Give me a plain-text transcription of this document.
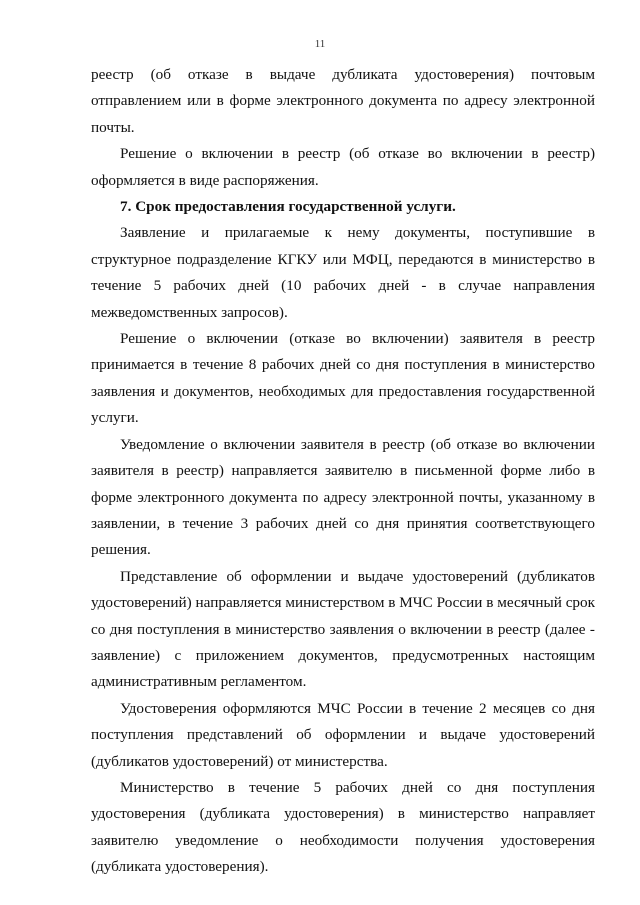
11

реестр (об отказе в выдаче дубликата удостоверения) почтовым отправлением или в форме электронного документа по адресу электронной почты.

Решение о включении в реестр (об отказе во включении в реестр) оформляется в виде распоряжения.

7. Срок предоставления государственной услуги.

Заявление и прилагаемые к нему документы, поступившие в структурное подразделение КГКУ или МФЦ, передаются в министерство в течение 5 рабочих дней (10 рабочих дней - в случае направления межведомственных запросов).

Решение о включении (отказе во включении) заявителя в реестр принимается в течение 8 рабочих дней со дня поступления в министерство заявления и документов, необходимых для предоставления государственной услуги.

Уведомление о включении заявителя в реестр (об отказе во включении заявителя в реестр) направляется заявителю в письменной форме либо в форме электронного документа по адресу электронной почты, указанному в заявлении, в течение 3 рабочих дней со дня принятия соответствующего решения.

Представление об оформлении и выдаче удостоверений (дубликатов удостоверений) направляется министерством в МЧС России в месячный срок со дня поступления в министерство заявления о включении в реестр (далее - заявление) с приложением документов, предусмотренных настоящим административным регламентом.

Удостоверения оформляются МЧС России в течение 2 месяцев со дня поступления представлений об оформлении и выдаче удостоверений (дубликатов удостоверений) от министерства.

Министерство в течение 5 рабочих дней со дня поступления удостоверения (дубликата удостоверения) в министерство направляет заявителю уведомление о необходимости получения удостоверения (дубликата удостоверения).
